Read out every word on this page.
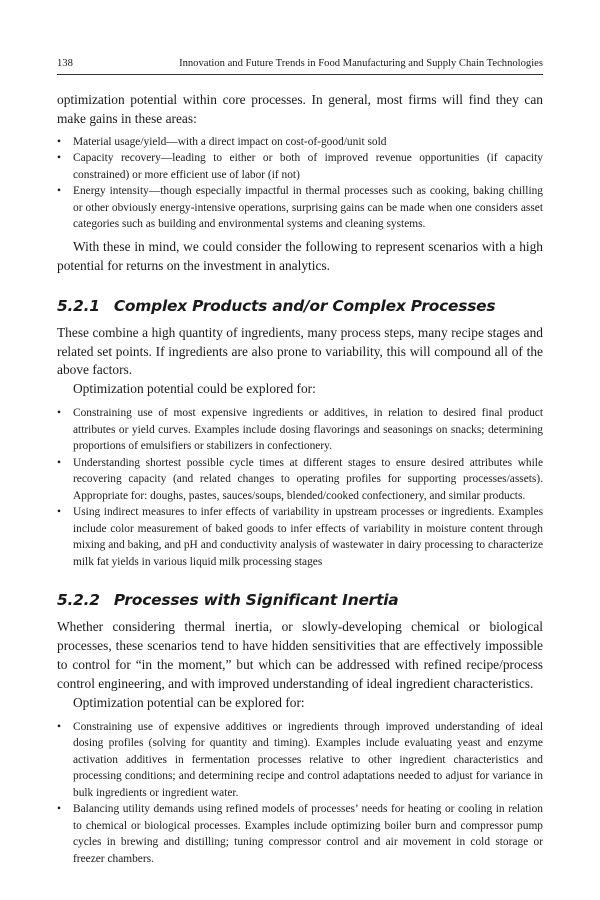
138	Innovation and Future Trends in Food Manufacturing and Supply Chain Technologies

optimization potential within core processes. In general, most firms will find they can make gains in these areas:

• Material usage/yield—with a direct impact on cost-of-good/unit sold
• Capacity recovery—leading to either or both of improved revenue opportunities (if capacity constrained) or more efficient use of labor (if not)
• Energy intensity—though especially impactful in thermal processes such as cooking, baking chilling or other obviously energy-intensive operations, surprising gains can be made when one considers asset categories such as building and environmental systems and cleaning systems.

With these in mind, we could consider the following to represent scenarios with a high potential for returns on the investment in analytics.

5.2.1 Complex Products and/or Complex Processes

These combine a high quantity of ingredients, many process steps, many recipe stages and related set points. If ingredients are also prone to variability, this will compound all of the above factors.

Optimization potential could be explored for:

• Constraining use of most expensive ingredients or additives, in relation to desired final product attributes or yield curves. Examples include dosing flavorings and seasonings on snacks; determining proportions of emulsifiers or stabilizers in confectionery.
• Understanding shortest possible cycle times at different stages to ensure desired attributes while recovering capacity (and related changes to operating profiles for supporting processes/assets). Appropriate for: doughs, pastes, sauces/soups, blended/cooked confectionery, and similar products.
• Using indirect measures to infer effects of variability in upstream processes or ingredients. Examples include color measurement of baked goods to infer effects of variability in moisture content through mixing and baking, and pH and conductivity analysis of wastewater in dairy processing to characterize milk fat yields in various liquid milk processing stages
5.2.2 Processes with Significant Inertia

Whether considering thermal inertia, or slowly-developing chemical or biological processes, these scenarios tend to have hidden sensitivities that are effectively impossible to control for “in the moment,” but which can be addressed with refined recipe/process control engineering, and with improved understanding of ideal ingredient characteristics.

Optimization potential can be explored for:

• Constraining use of expensive additives or ingredients through improved understanding of ideal dosing profiles (solving for quantity and timing). Examples include evaluating yeast and enzyme activation additives in fermentation processes relative to other ingredient characteristics and processing conditions; and determining recipe and control adaptations needed to adjust for variance in bulk ingredients or ingredient water.
• Balancing utility demands using refined models of processes’ needs for heating or cooling in relation to chemical or biological processes. Examples include optimizing boiler burn and compressor pump cycles in brewing and distilling; tuning compressor control and air movement in cold storage or freezer chambers.
